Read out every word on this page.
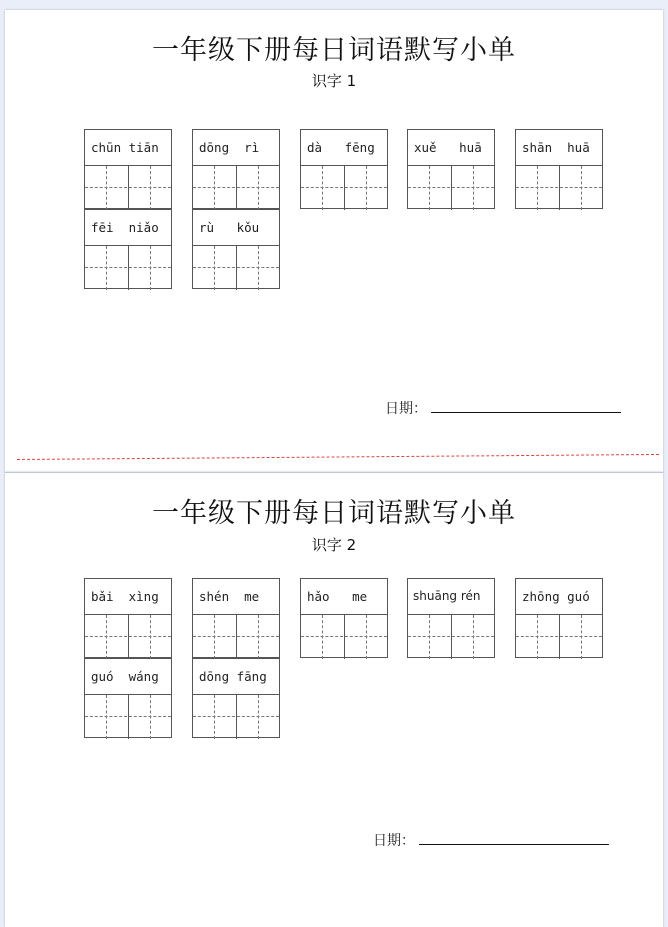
一年级下册每日词语默写小单
识字 1
chūn tiān	dōng  rì	dà   fēng	xuě   huā	shān  huā
fēi  niǎo	rù   kǒu
日期：
一年级下册每日词语默写小单
识字 2
bǎi  xìng	shén  me	hǎo   me	shuāng rén	zhōng guó
guó  wáng	dōng fāng
日期：
